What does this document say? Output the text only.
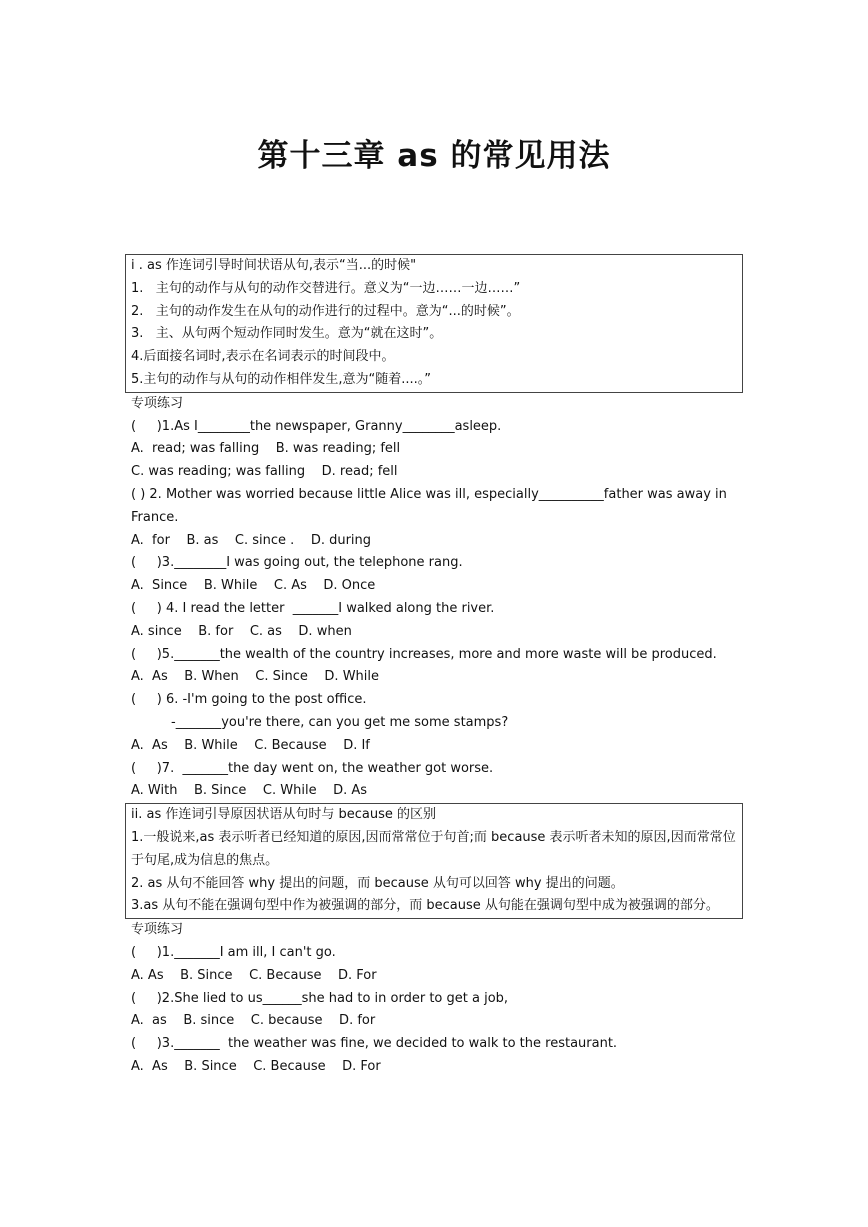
第十三章 as 的常见用法
i . as 作连词引导时间状语从句,表示“当...的时候"
1.   主句的动作与从句的动作交替进行。意义为“一边……一边……”
2.   主句的动作发生在从句的动作进行的过程中。意为“...的时候”。
3.   主、从句两个短动作同时发生。意为“就在这时”。
4.后面接名词时,表示在名词表示的时间段中。
5.主句的动作与从句的动作相伴发生,意为“随着....。”
专项练习
(     )1.As I________the newspaper, Granny________asleep.
A.  read; was falling    B. was reading; fell
C. was reading; was falling    D. read; fell
( ) 2. Mother was worried because little Alice was ill, especially__________father was away in France.
A.  for    B. as    C. since .    D. during
(     )3.________I was going out, the telephone rang.
A.  Since    B. While    C. As    D. Once
(     ) 4. I read the letter  _______I walked along the river.
A. since    B. for    C. as    D. when
(     )5._______the wealth of the country increases, more and more waste will be produced.
A.  As    B. When    C. Since    D. While
(     ) 6. -I'm going to the post office.
-_______you're there, can you get me some stamps?
A.  As    B. While    C. Because    D. If
(     )7.  _______the day went on, the weather got worse.
A. With    B. Since    C. While    D. As
ii. as 作连词引导原因状语从句时与 because 的区别
1.一般说来,as 表示听者已经知道的原因,因而常常位于句首;而 because 表示听者未知的原因,因而常常位于句尾,成为信息的焦点。
2. as 从句不能回答 why 提出的问题，而 because 从句可以回答 why 提出的问题。
3.as 从句不能在强调句型中作为被强调的部分，而 because 从句能在强调句型中成为被强调的部分。
专项练习
(     )1._______I am ill, I can't go.
A. As    B. Since    C. Because    D. For
(     )2.She lied to us______she had to in order to get a job,
A.  as    B. since    C. because    D. for
(     )3._______  the weather was fine, we decided to walk to the restaurant.
A.  As    B. Since    C. Because    D. For
